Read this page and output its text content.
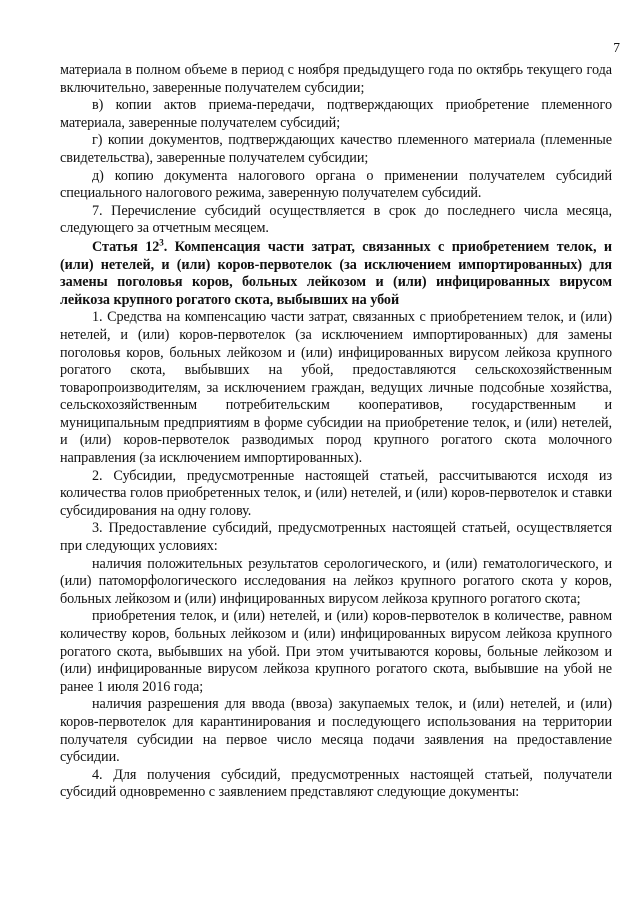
7

материала в полном объеме в период с ноября предыдущего года по октябрь текущего года включительно, заверенные получателем субсидии;

в) копии актов приема-передачи, подтверждающих приобретение племенного материала, заверенные получателем субсидий;

г) копии документов, подтверждающих качество племенного материала (племенные свидетельства), заверенные получателем субсидии;

д) копию документа налогового органа о применении получателем субсидий специального налогового режима, заверенную получателем субсидий.

7. Перечисление субсидий осуществляется в срок до последнего числа месяца, следующего за отчетным месяцем.

Статья $12^3$. Компенсация части затрат, связанных с приобретением телок, и (или) нетелей, и (или) коров-первотелок (за исключением импортированных) для замены поголовья коров, больных лейкозом и (или) инфицированных вирусом лейкоза крупного рогатого скота, выбывших на убой

1. Средства на компенсацию части затрат, связанных с приобретением телок, и (или) нетелей, и (или) коров-первотелок (за исключением импортированных) для замены поголовья коров, больных лейкозом и (или) инфицированных вирусом лейкоза крупного рогатого скота, выбывших на убой, предоставляются сельскохозяйственным товаропроизводителям, за исключением граждан, ведущих личные подсобные хозяйства, сельскохозяйственным потребительским кооперативов, государственным и муниципальным предприятиям в форме субсидии на приобретение телок, и (или) нетелей, и (или) коров-первотелок разводимых пород крупного рогатого скота молочного направления (за исключением импортированных).

2. Субсидии, предусмотренные настоящей статьей, рассчитываются исходя из количества голов приобретенных телок, и (или) нетелей, и (или) коров-первотелок и ставки субсидирования на одну голову.

3. Предоставление субсидий, предусмотренных настоящей статьей, осуществляется при следующих условиях:

наличия положительных результатов серологического, и (или) гематологического, и (или) патоморфологического исследования на лейкоз крупного рогатого скота у коров, больных лейкозом и (или) инфицированных вирусом лейкоза крупного рогатого скота;

приобретения телок, и (или) нетелей, и (или) коров-первотелок в количестве, равном количеству коров, больных лейкозом и (или) инфицированных вирусом лейкоза крупного рогатого скота, выбывших на убой. При этом учитываются коровы, больные лейкозом и (или) инфицированные вирусом лейкоза крупного рогатого скота, выбывшие на убой не ранее 1 июля 2016 года;

наличия разрешения для ввода (ввоза) закупаемых телок, и (или) нетелей, и (или) коров-первотелок для карантинирования и последующего использования на территории получателя субсидии на первое число месяца подачи заявления на предоставление субсидии.

4. Для получения субсидий, предусмотренных настоящей статьей, получатели субсидий одновременно с заявлением представляют следующие документы:
